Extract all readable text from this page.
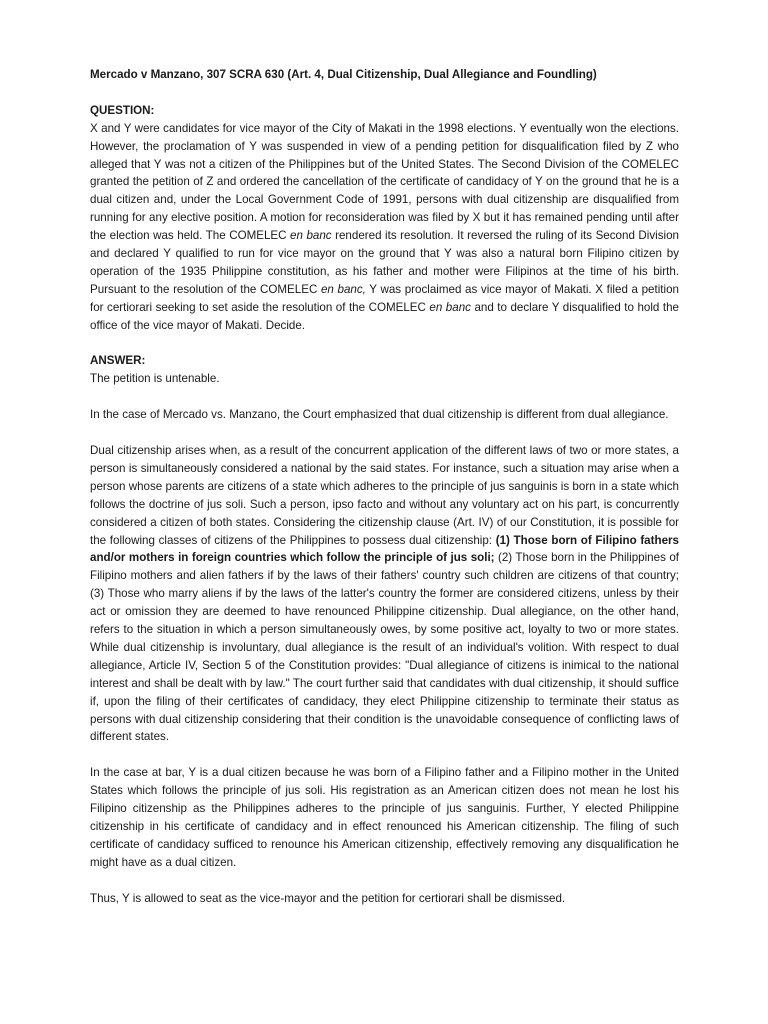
Mercado v Manzano, 307 SCRA 630 (Art. 4, Dual Citizenship, Dual Allegiance and Foundling)
QUESTION:

X and Y were candidates for vice mayor of the City of Makati in the 1998 elections. Y eventually won the elections. However, the proclamation of Y was suspended in view of a pending petition for disqualification filed by Z who alleged that Y was not a citizen of the Philippines but of the United States. The Second Division of the COMELEC granted the petition of Z and ordered the cancellation of the certificate of candidacy of Y on the ground that he is a dual citizen and, under the Local Government Code of 1991, persons with dual citizenship are disqualified from running for any elective position. A motion for reconsideration was filed by X but it has remained pending until after the election was held. The COMELEC en banc rendered its resolution. It reversed the ruling of its Second Division and declared Y qualified to run for vice mayor on the ground that Y was also a natural born Filipino citizen by operation of the 1935 Philippine constitution, as his father and mother were Filipinos at the time of his birth. Pursuant to the resolution of the COMELEC en banc, Y was proclaimed as vice mayor of Makati. X filed a petition for certiorari seeking to set aside the resolution of the COMELEC en banc and to declare Y disqualified to hold the office of the vice mayor of Makati. Decide.

ANSWER:
The petition is untenable.

In the case of Mercado vs. Manzano, the Court emphasized that dual citizenship is different from dual allegiance.

Dual citizenship arises when, as a result of the concurrent application of the different laws of two or more states, a person is simultaneously considered a national by the said states. For instance, such a situation may arise when a person whose parents are citizens of a state which adheres to the principle of jus sanguinis is born in a state which follows the doctrine of jus soli. Such a person, ipso facto and without any voluntary act on his part, is concurrently considered a citizen of both states. Considering the citizenship clause (Art. IV) of our Constitution, it is possible for the following classes of citizens of the Philippines to possess dual citizenship: (1) Those born of Filipino fathers and/or mothers in foreign countries which follow the principle of jus soli; (2) Those born in the Philippines of Filipino mothers and alien fathers if by the laws of their fathers' country such children are citizens of that country; (3) Those who marry aliens if by the laws of the latter's country the former are considered citizens, unless by their act or omission they are deemed to have renounced Philippine citizenship. Dual allegiance, on the other hand, refers to the situation in which a person simultaneously owes, by some positive act, loyalty to two or more states. While dual citizenship is involuntary, dual allegiance is the result of an individual's volition. With respect to dual allegiance, Article IV, Section 5 of the Constitution provides: "Dual allegiance of citizens is inimical to the national interest and shall be dealt with by law." The court further said that candidates with dual citizenship, it should suffice if, upon the filing of their certificates of candidacy, they elect Philippine citizenship to terminate their status as persons with dual citizenship considering that their condition is the unavoidable consequence of conflicting laws of different states.

In the case at bar, Y is a dual citizen because he was born of a Filipino father and a Filipino mother in the United States which follows the principle of jus soli. His registration as an American citizen does not mean he lost his Filipino citizenship as the Philippines adheres to the principle of jus sanguinis. Further, Y elected Philippine citizenship in his certificate of candidacy and in effect renounced his American citizenship. The filing of such certificate of candidacy sufficed to renounce his American citizenship, effectively removing any disqualification he might have as a dual citizen.

Thus, Y is allowed to seat as the vice-mayor and the petition for certiorari shall be dismissed.
